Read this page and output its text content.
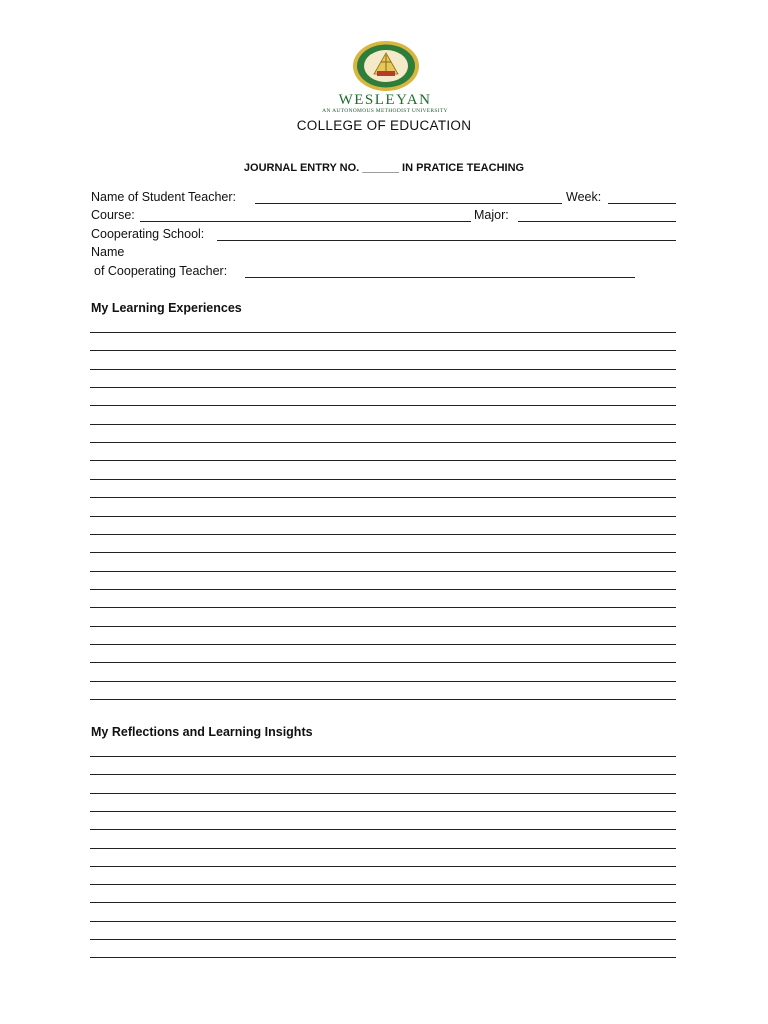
WESLEYAN
AN AUTONOMOUS METHODIST UNIVERSITY
COLLEGE OF EDUCATION
JOURNAL ENTRY NO. ______ IN PRATICE TEACHING
Name of Student Teacher:	Week:
Course:	Major:
Cooperating School:
Name
of Cooperating Teacher:
My Learning Experiences
My Reflections and Learning Insights
